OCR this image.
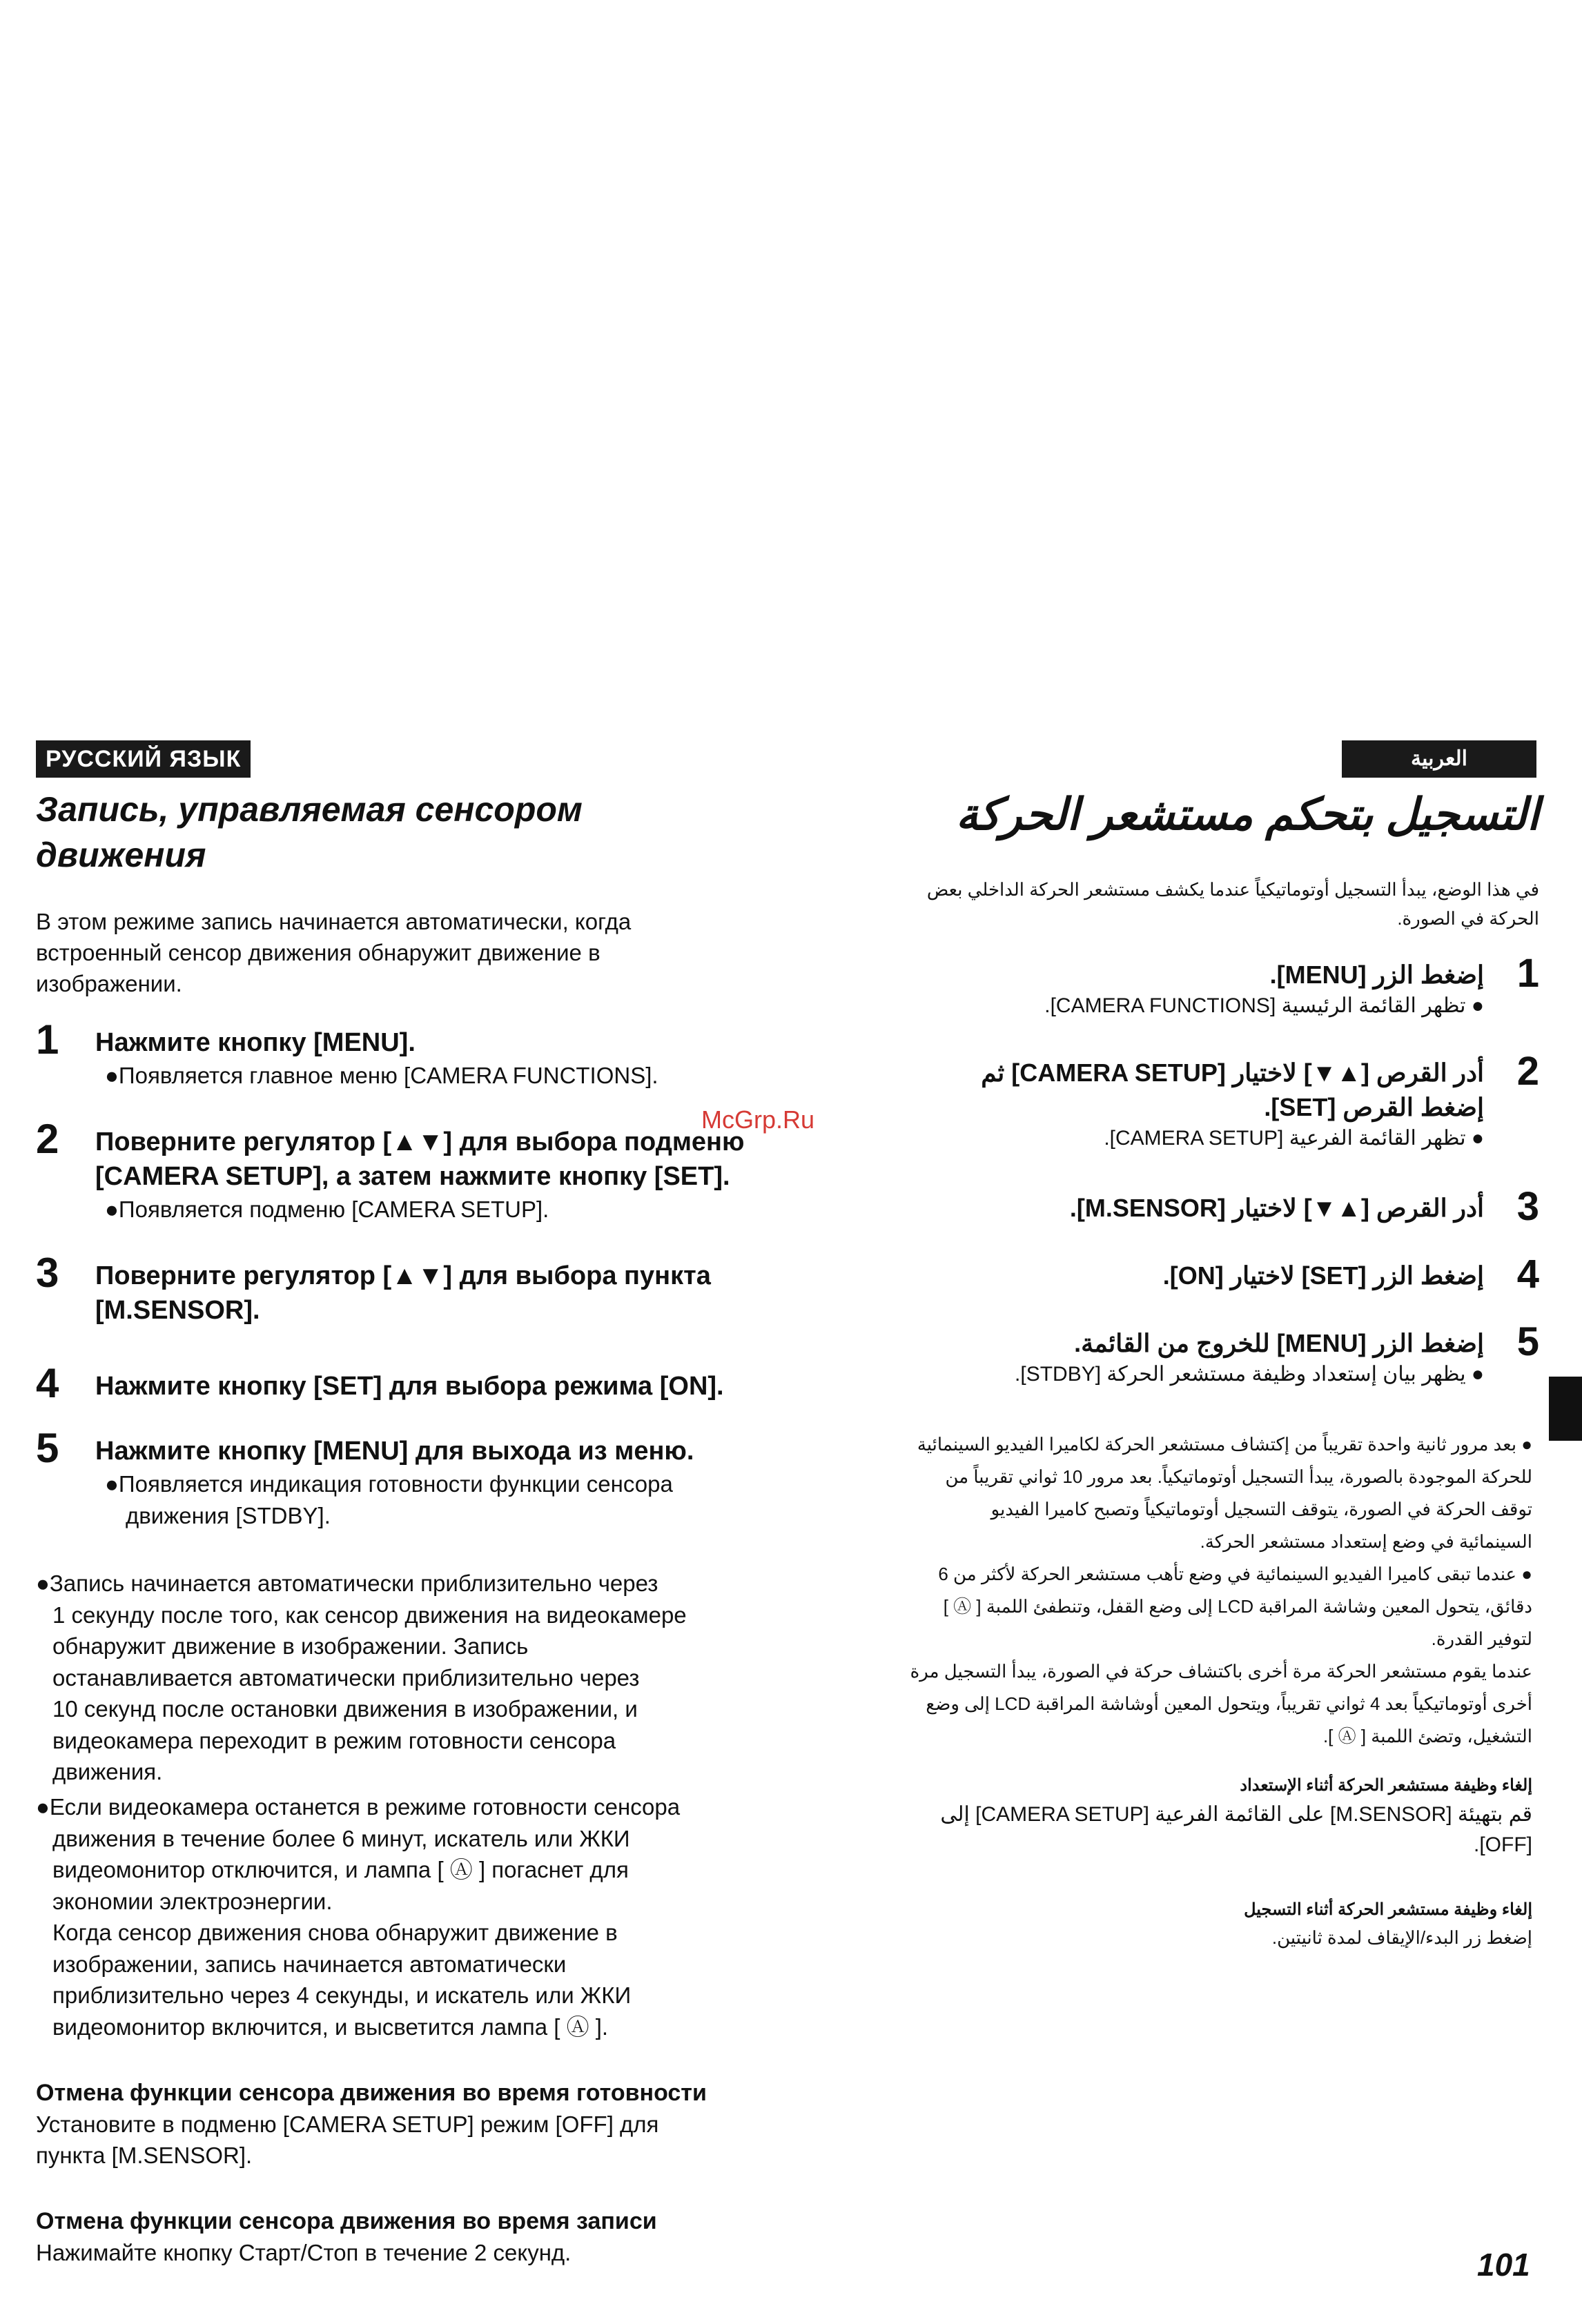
РУССКИЙ ЯЗЫК
Запись, управляемая сенсором
движения
В этом режиме запись начинается автоматически, когда
встроенный сенсор движения обнаружит движение в
изображении.
1 Нажмите кнопку [MENU].
●Появляется главное меню [CAMERA FUNCTIONS].
2 Поверните регулятор [▲▼] для выбора подменю
[CAMERA SETUP], а затем нажмите кнопку [SET].
●Появляется подменю [CAMERA SETUP].
3 Поверните регулятор [▲▼] для выбора пункта
[M.SENSOR].
4 Нажмите кнопку [SET] для выбора режима [ON].
5 Нажмите кнопку [MENU] для выхода из меню.
●Появляется индикация готовности функции сенсора
движения [STDBY].
●Запись начинается автоматически приблизительно через
1 секунду после того, как сенсор движения на видеокамере
обнаружит движение в изображении. Запись
останавливается автоматически приблизительно через
10 секунд после остановки движения в изображении, и
видеокамера переходит в режим готовности сенсора
движения.
●Если видеокамера останется в режиме готовности сенсора
движения в течение более 6 минут, искатель или ЖКИ
видеомонитор отключится, и лампа [ Ⓐ ] погаснет для
экономии электроэнергии.
Когда сенсор движения снова обнаружит движение в
изображении, запись начинается автоматически
приблизительно через 4 секунды, и искатель или ЖКИ
видеомонитор включится, и высветится лампа [ Ⓐ ].
Отмена функции сенсора движения во время готовности
Установите в подменю [CAMERA SETUP] режим [OFF] для
пункта [M.SENSOR].
Отмена функции сенсора движения во время записи
Нажимайте кнопку Старт/Стоп в течение 2 секунд.
العربية
التسجيل بتحكم مستشعر الحركة
في هذا الوضع، يبدأ التسجيل أوتوماتيكياً عندما يكشف مستشعر الحركة الداخلي بعض
الحركة في الصورة.
1
إضغط الزر [MENU].
● تظهر القائمة الرئيسية [CAMERA FUNCTIONS].
2
أدر القرص [▲▼] لاختيار [CAMERA SETUP] ثم
إضغط القرص [SET].
● تظهر القائمة الفرعية [CAMERA SETUP].
3
أدر القرص [▲▼] لاختيار [M.SENSOR].
4
إضغط الزر [SET] لاختيار [ON].
5
إضغط الزر [MENU] للخروج من القائمة.
● يظهر بيان إستعداد وظيفة مستشعر الحركة [STDBY].
● بعد مرور ثانية واحدة تقريباً من إكتشاف مستشعر الحركة لكاميرا الفيديو السينمائية
للحركة الموجودة بالصورة، يبدأ التسجيل أوتوماتيكياً. بعد مرور 10 ثواني تقريباً من
توقف الحركة في الصورة، يتوقف التسجيل أوتوماتيكياً وتصبح كاميرا الفيديو
السينمائية في وضع إستعداد مستشعر الحركة.
● عندما تبقى كاميرا الفيديو السينمائية في وضع تأهب مستشعر الحركة لأكثر من 6
دقائق، يتحول المعين وشاشة المراقبة LCD إلى وضع القفل، وتنطفئ اللمبة [ Ⓐ ]
لتوفير القدرة.
عندما يقوم مستشعر الحركة مرة أخرى باكتشاف حركة في الصورة، يبدأ التسجيل مرة
أخرى أوتوماتيكياً بعد 4 ثواني تقريباً، ويتحول المعين أوشاشة المراقبة LCD إلى وضع
التشغيل، وتضئ اللمبة [ Ⓐ ].
إلغاء وظيفة مستشعر الحركة أثناء الإستعداد
قم بتهيئة [M.SENSOR] على القائمة الفرعية [CAMERA SETUP] إلى
[OFF].
إلغاء وظيفة مستشعر الحركة أثناء التسجيل
إضغط زر البدء/الإيقاف لمدة ثانيتين.
McGrp.Ru
101
